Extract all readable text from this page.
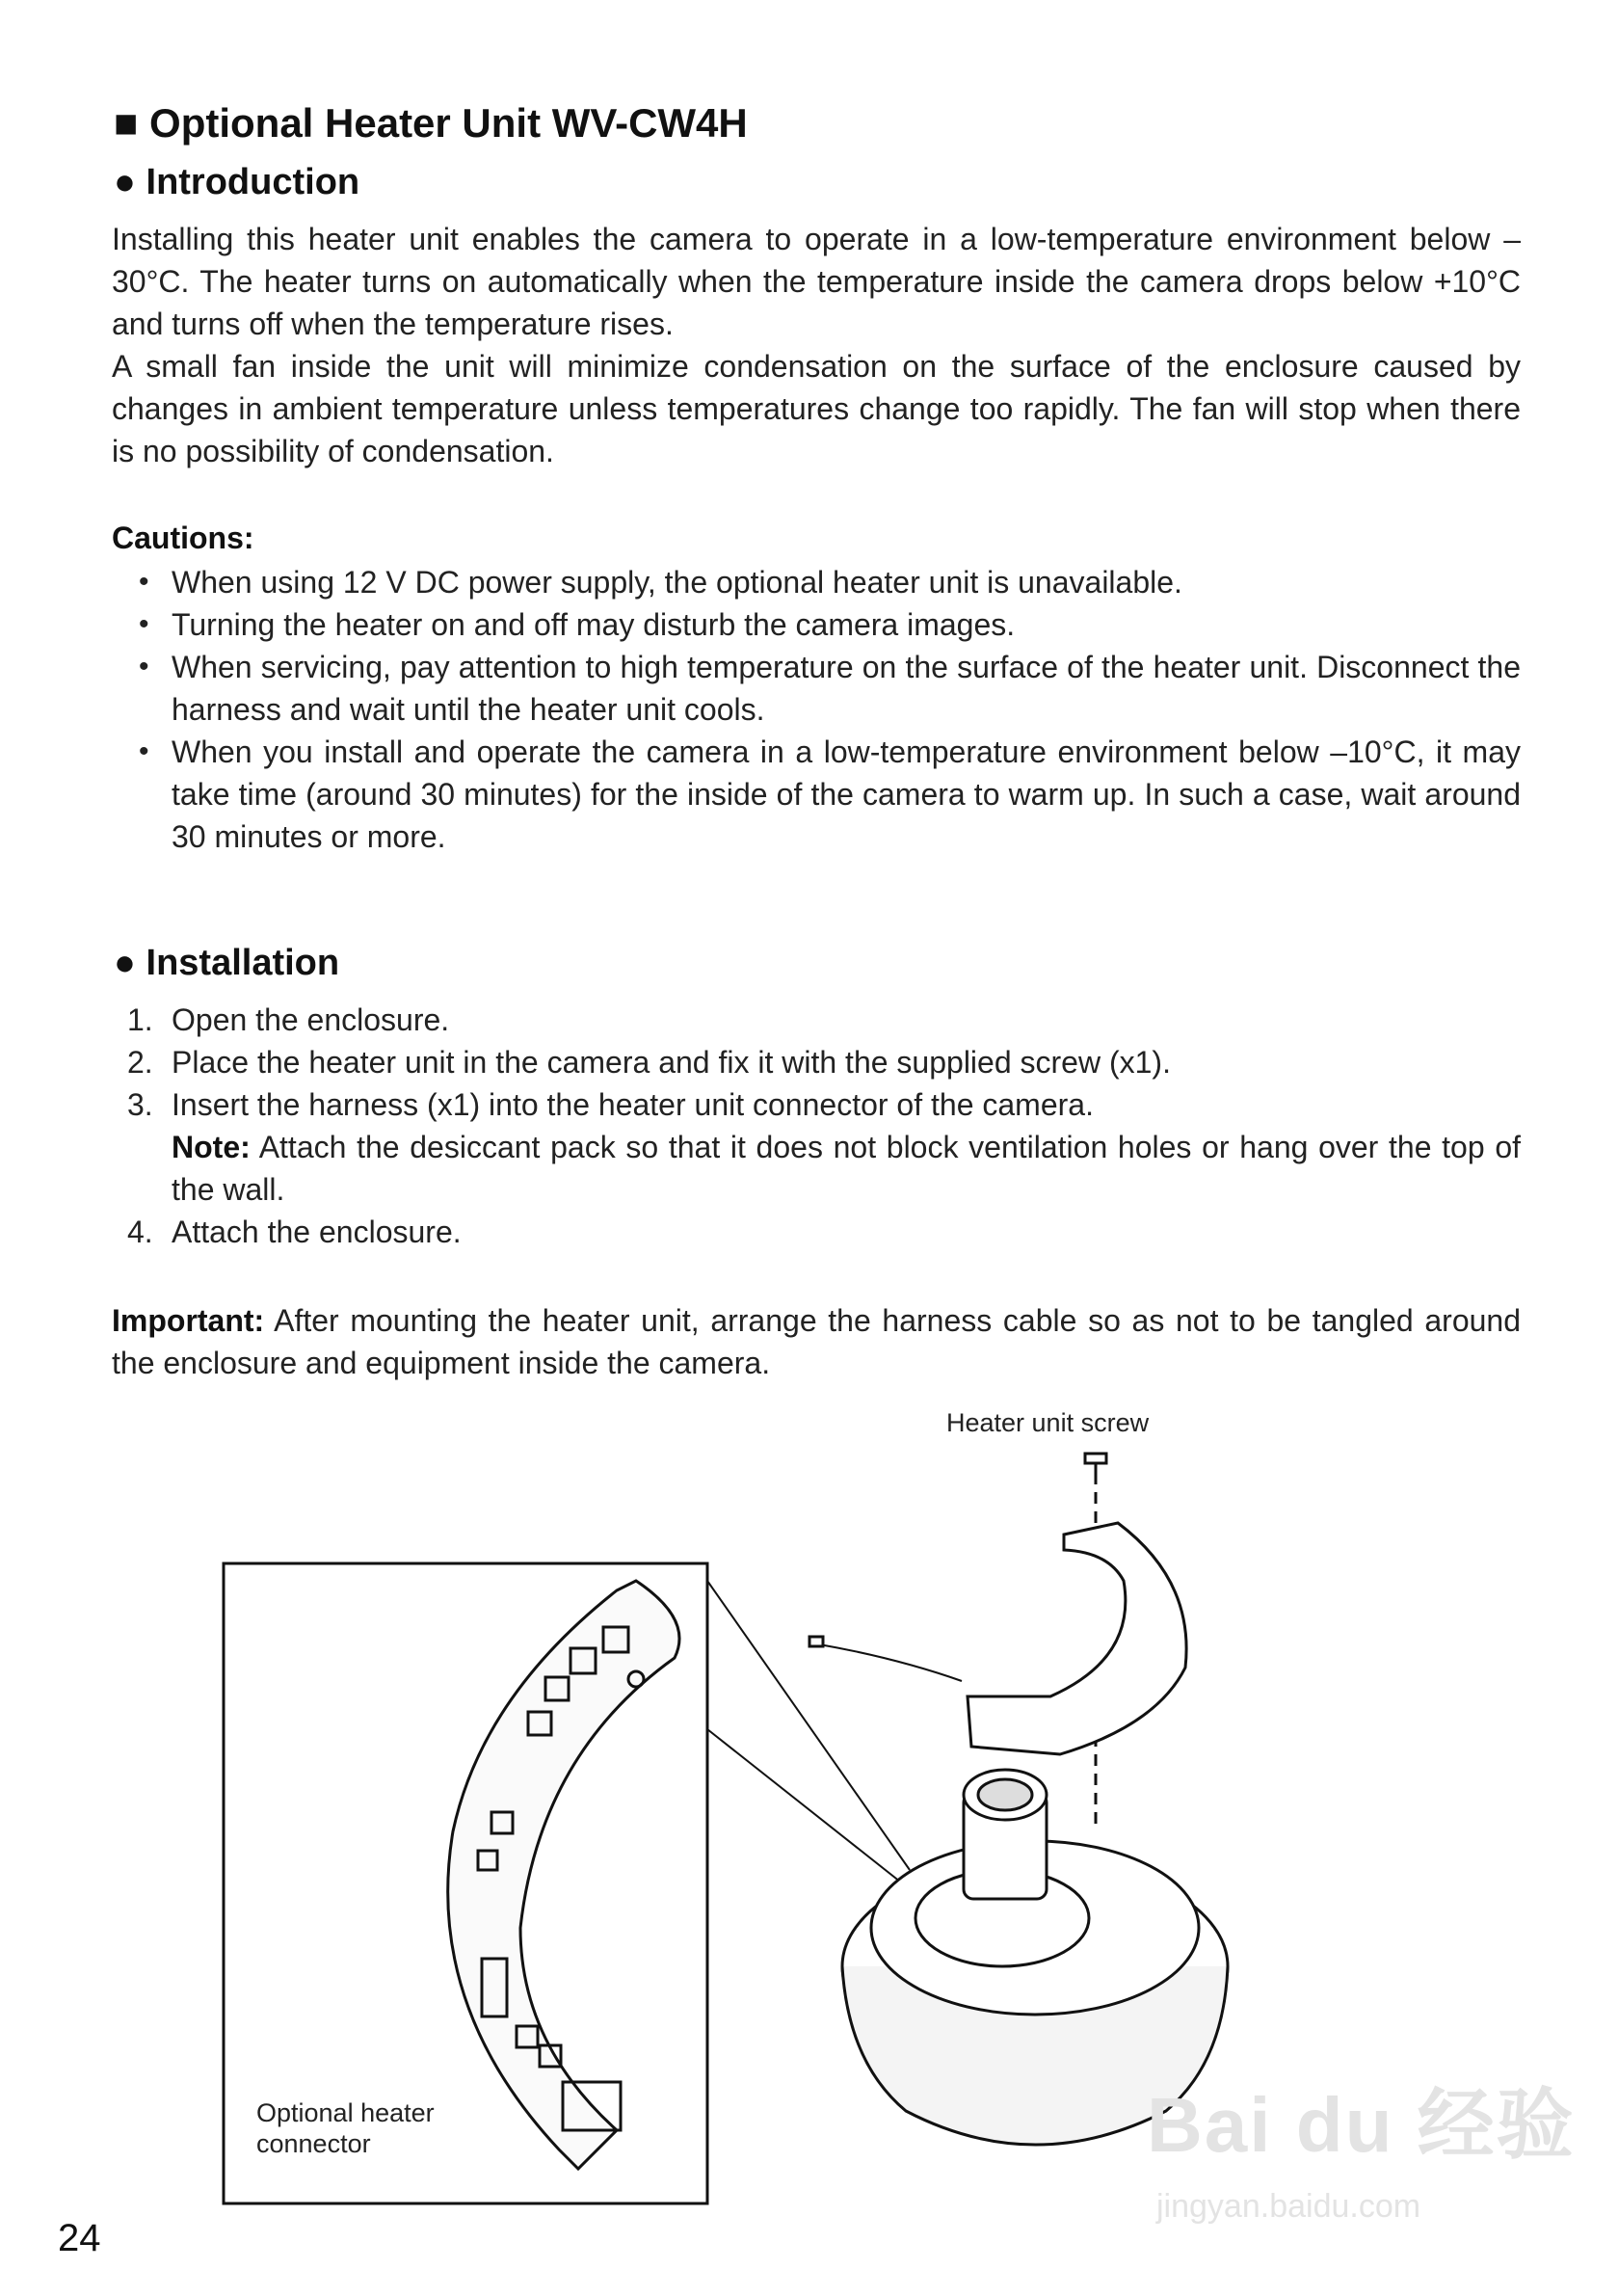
■ Optional Heater Unit WV-CW4H
● Introduction

Installing this heater unit enables the camera to operate in a low-temperature environment below –30°C. The heater turns on automatically when the temperature inside the camera drops below +10°C and turns off when the temperature rises.

A small fan inside the unit will minimize condensation on the surface of the enclosure caused by changes in ambient temperature unless temperatures change too rapidly. The fan will stop when there is no possibility of condensation.

Cautions:

• When using 12 V DC power supply, the optional heater unit is unavailable.
• Turning the heater on and off may disturb the camera images.
• When servicing, pay attention to high temperature on the surface of the heater unit. Disconnect the harness and wait until the heater unit cools.
• When you install and operate the camera in a low-temperature environment below –10°C, it may take time (around 30 minutes) for the inside of the camera to warm up. In such a case, wait around 30 minutes or more.
● Installation
1. Open the enclosure.
2. Place the heater unit in the camera and fix it with the supplied screw (x1).
3. Insert the harness (x1) into the heater unit connector of the camera.
Note: Attach the desiccant pack so that it does not block ventilation holes or hang over the top of the wall.
4. Attach the enclosure.

Important: After mounting the heater unit, arrange the harness cable so as not to be tangled around the enclosure and equipment inside the camera.

Heater unit screw
Optional heater
connector
24
Bai du 经验
jingyan.baidu.com
